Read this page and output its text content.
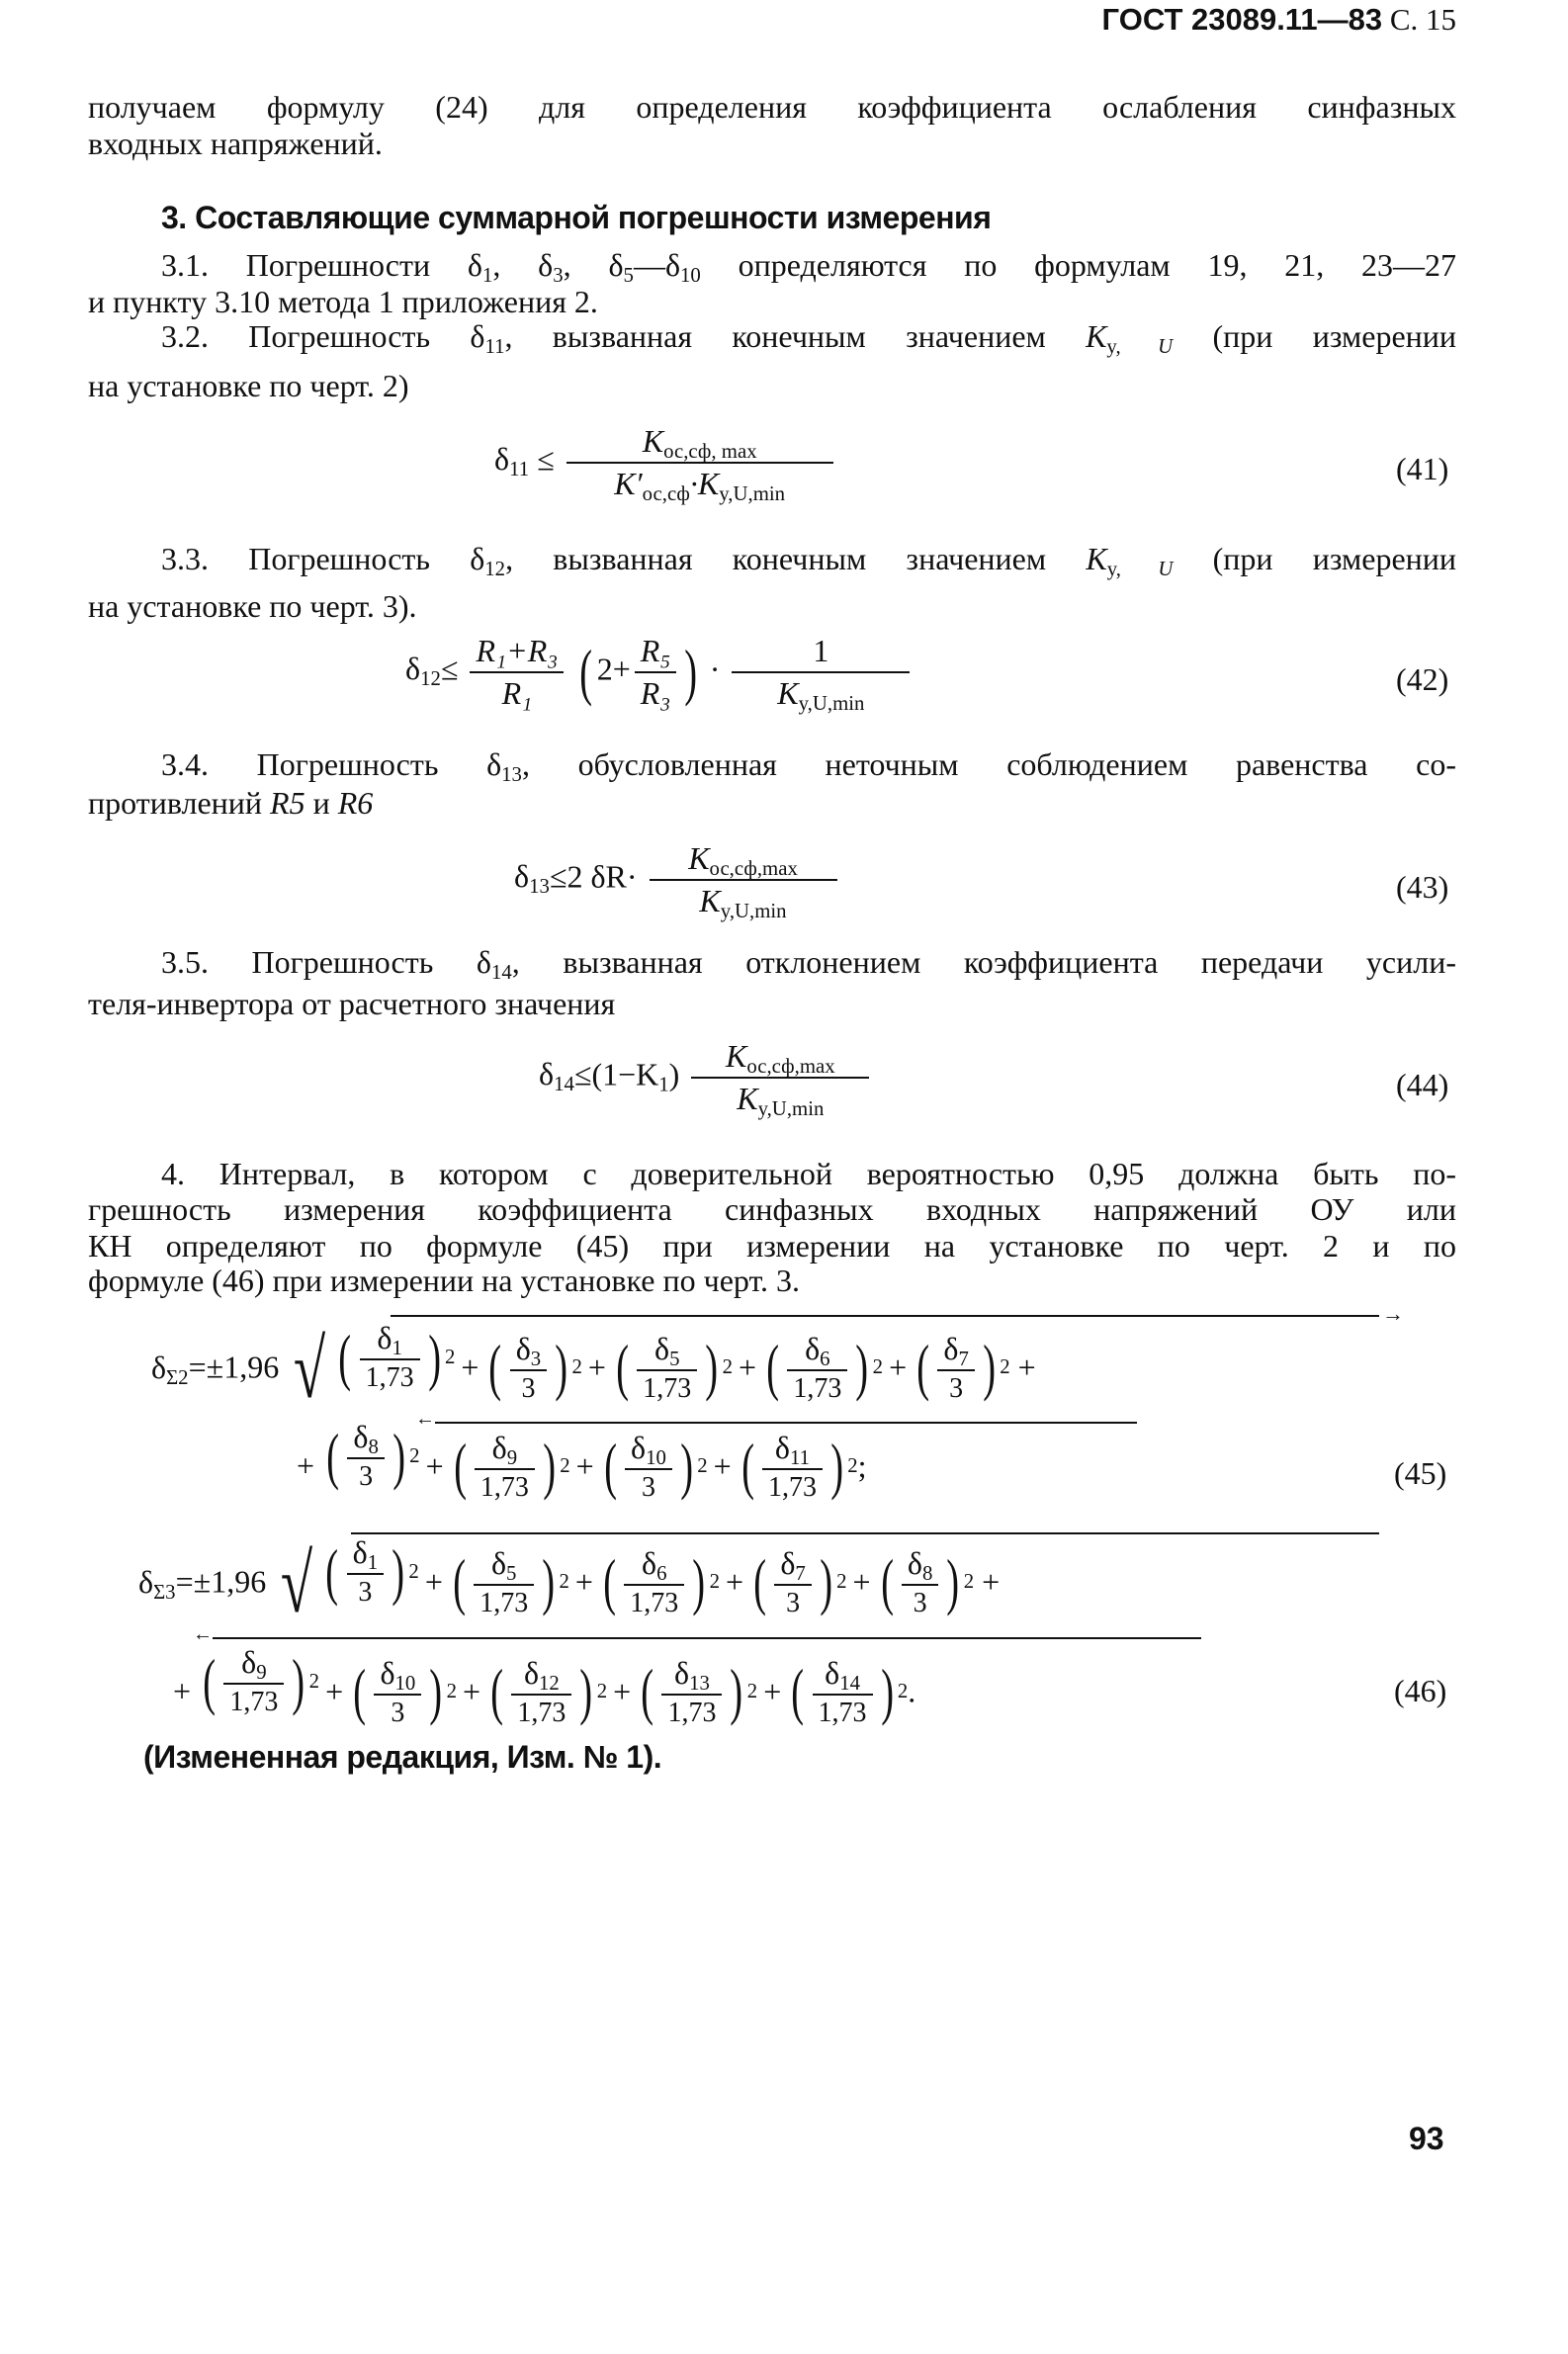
ГОСТ 23089.11—83 С. 15
получаем формулу (24) для определения коэффициента ослабления синфазных
входных напряжений.
3. Составляющие суммарной погрешности измерения
3.1. Погрешности $\delta_1$, $\delta_3$, $\delta_5—\delta_{10}$ определяются по формулам 19, 21, 23—27
и пункту 3.10 метода 1 приложения 2.
3.2. Погрешность $\delta_{11}$, вызванная конечным значением $K_{y, U}$ (при измерении
на установке по черт. 2)
$\delta_{11} \le \frac{K_{ос,сф, max}}{K'_{ос,сф}\cdot K_{y,U,min}}$	(41)
3.3. Погрешность $\delta_{12}$, вызванная конечным значением $K_{y, U}$ (при измерении
на установке по черт. 3).
$\delta_{12}\le \frac{\text{R₁+R₃}}{\text{R₁}}$ ( $2+ \frac{\text{R₅}}{\text{R₃}}$ ) · $\frac{1}{K_{y,U,min}}$	(42)
3.4. Погрешность $\delta_{13}$, обусловленная неточным соблюдением равенства со-
противлений R5 и R6
$\delta_{13}\le 2$ $\delta R\cdot \frac{K_{ос,сф,max}}{K_{y,U,min}}$	(43)
3.5. Погрешность $\delta_{14}$, вызванная отклонением коэффициента передачи усили-
теля-инвертора от расчетного значения
$\delta_{14}\le(1-K_1) \frac{K_{ос,сф,max}}{K_{y,U,min}}$	(44)
4. Интервал, в котором с доверительной вероятностью 0,95 должна быть по-
грешность измерения коэффициента синфазных входных напряжений ОУ или
КН определяют по формуле (45) при измерении на установке по черт. 2 и по
формуле (46) при измерении на установке по черт. 3.
$\delta_{\Sigma 2}=\pm 1,96$ √ ( $\frac{\delta_1}{1,73}$ ) 2 + ( $\frac{\delta_3}{3}$ ) 2 + ( $\frac{\delta_5}{1,73}$ ) 2 + ( $\frac{\delta_6}{1,73}$ ) 2 + ( $\frac{\delta_7}{3}$ ) 2 +
→
+ ( $\frac{\delta_8}{3}$ ) 2 + ( $\frac{\delta_9}{1,73}$ ) 2 + ( $\frac{\delta_{10}}{3}$ ) 2 + ( $\frac{\delta_{11}}{1,73}$ ) 2 ;
←
(45)
$\delta_{\Sigma 3}=\pm 1,96$ √ ( $\frac{\delta_1}{3}$ ) 2 + ( $\frac{\delta_5}{1,73}$ ) 2 + ( $\frac{\delta_6}{1,73}$ ) 2 + ( $\frac{\delta_7}{3}$ ) 2 + ( $\frac{\delta_8}{3}$ ) 2 +
+ ( $\frac{\delta_9}{1,73}$ ) 2 + ( $\frac{\delta_{10}}{3}$ ) 2 + ( $\frac{\delta_{12}}{1,73}$ ) 2 + ( $\frac{\delta_{13}}{1,73}$ ) 2 + ( $\frac{\delta_{14}}{1,73}$ ) 2 .
←
(46)
(Измененная редакция, Изм. № 1).
93
